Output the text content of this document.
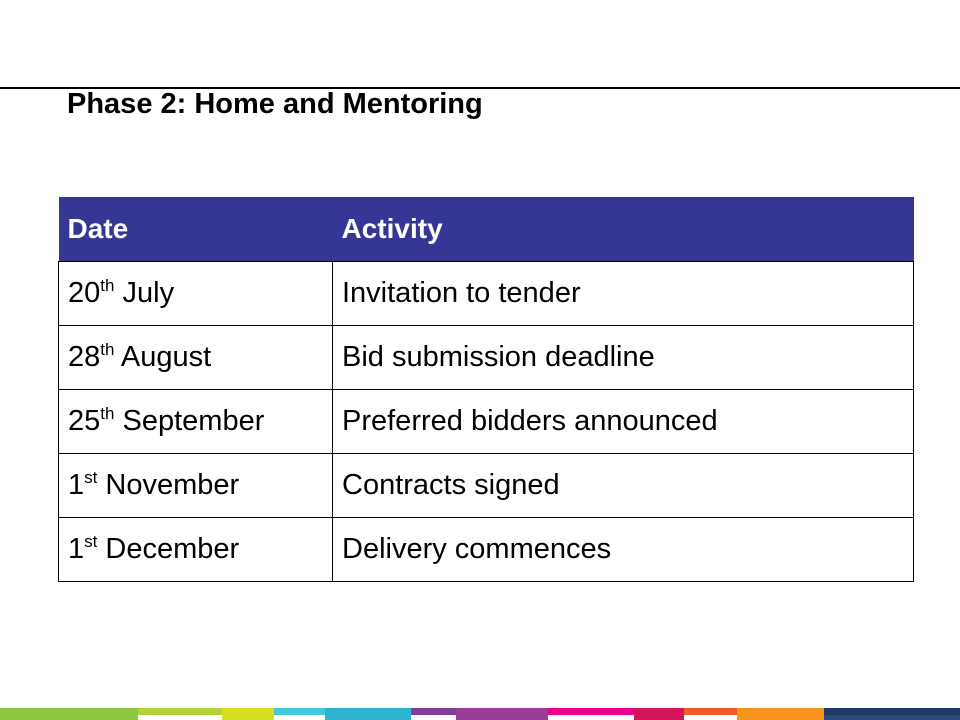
Phase 2: Home and Mentoring
Date	Activity
20th July	Invitation to tender
28th August	Bid submission deadline
25th September	Preferred bidders announced
1st November	Contracts signed
1st December	Delivery commences
